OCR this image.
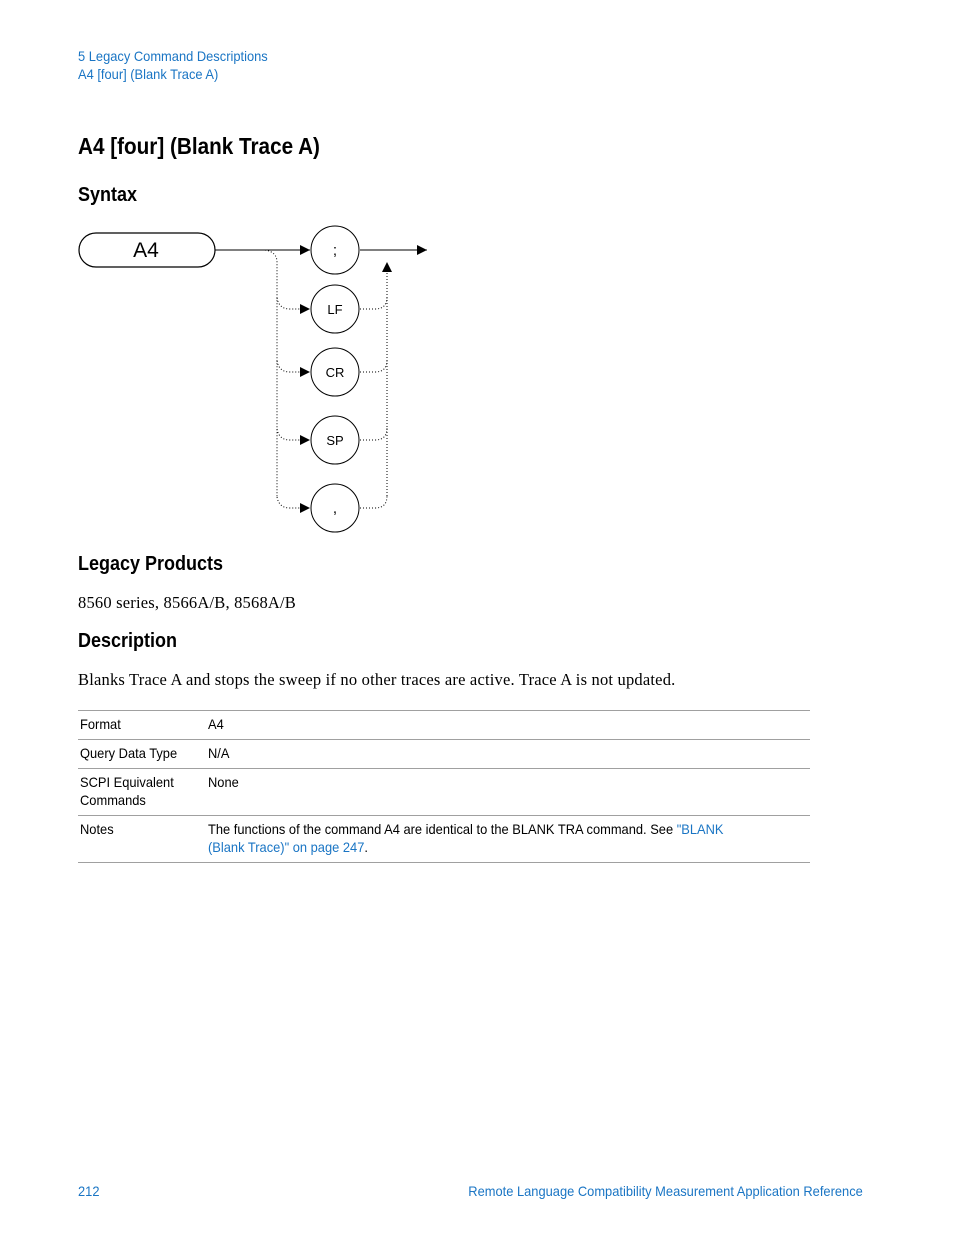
5 Legacy Command Descriptions
A4 [four] (Blank Trace A)
A4 [four] (Blank Trace A)
Syntax
A4	;
LF
CR
SP
,
Legacy Products
8560 series, 8566A/B, 8568A/B
Description
Blanks Trace A and stops the sweep if no other traces are active. Trace A is not updated.
Format	A4
Query Data Type	N/A
SCPI Equivalent Commands	None
Notes	The functions of the command A4 are identical to the BLANK TRA command. See "BLANK (Blank Trace)" on page 247.
212	Remote Language Compatibility Measurement Application Reference
